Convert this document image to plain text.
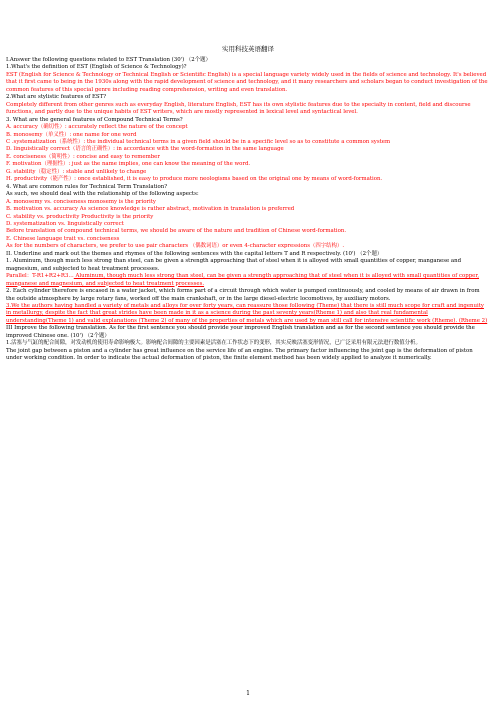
实用科技英语翻译

I.Answer the following questions related to EST Translation (30') （2个题）

1.What's the definition of EST (English of Science & Technology)?

EST (English for Science & Technology or Technical English or Scientific English) is a special language variety widely used in the fields of science and technology. It's believed that it first came to being in the 1930s along with the rapid development of science and technology, and it many researchers and scholars began to conduct investigation of the common features of this special genre including reading comprehension, writing and even translation.

2.What are stylistic features of EST?

Completely different from other genres such as everyday English, literature English, EST has its own stylistic features due to the specialty in content, field and discourse functions, and partly due to the unique habits of EST writers, which are mostly represented in lexical level and syntactical level.

3. What are the general features of Compound Technical Terms?

A. accuracy（确切性）: accurately reflect the nature of the concept

B. monosemy（单义性）: one name for one word

C .systematization（系统性）: the individual technical terms in a given field should be in a specific level so as to constitute a common system

D. linguistically correct（语言的正确性）: in accordance with the word-formation in the same language

E. conciseness（简明性）: concise and easy to remember

F. motivation（理据性）: just as the name implies, one can know the meaning of the word.

G. stability（稳定性）: stable and unlikely to change

H. productivity（能产性）: once established, it is easy to produce more neologisms based on the original one by means of word-formation.

4. What are common rules for Technical Term Translation?

As such, we should deal with the relationship of the following aspects:

A. monosemy vs. conciseness monosemy is the priority

B. motivation vs. accuracy As science knowledge is rather abstract, motivation in translation is preferred

C. stability vs. productivity Productivity is the priority

D. systematization vs. linguistically correct

Before translation of compound technical terms, we should be aware of the nature and tradition of Chinese word-formation.

E. Chinese language trait vs. conciseness

As for the numbers of characters, we prefer to use pair characters （偶数词语）or even 4-character expressions（四字结构）.

II. Underline and mark out the themes and rhymes of the following sentences with the capital letters T and R respectively. (10') （2个题）

1. Aluminum, though much less strong than steel, can be given a strength approaching that of steel when it is alloyed with small quantities of copper, manganese and magnesium, and subjected to heat treatment processes.

Parallel：T-R1+R2+R3… Aluminum, though much less strong than steel, can be given a strength approaching that of steel when it is alloyed with small quantities of copper, manganese and magnesium, and subjected to heat treatment processes.

2. Each cylinder therefore is encased in a water jacket, which forms part of a circuit through which water is pumped continuously, and cooled by means of air drawn in from the outside atmosphere by large rotary fans, worked off the main crankshaft, or in the large diesel-electric locomotives, by auxiliary motors.

3.We the authors having handled a variety of metals and alloys for over forty years, can reassure those following (Theme) that there is still much scope for craft and ingenuity in metallurgy, despite the fact that great strides have been made in it as a science during the past seventy years(Rheme 1) and also that real fundamental understanding(Theme 1) and valid explanations (Theme 2) of many of the properties of metals which are used by man still call for intensive scientific work (Rheme). (Rheme 2)

III Improve the following translation. As for the first sentence you should provide your improved English translation and as for the second sentence you should provide the improved Chinese one. (10') （2个题）

1.活塞与气缸的配合间隙，对发动机的使用寿命影响极大。影响配合间隙的主要因素是活塞在工作状态下的变形，其实反映活塞变形情况，已广泛采用有限元法进行数值分析。

The joint gap between a piston and a cylinder has great influence on the service life of an engine. The primary factor influencing the joint gap is the deformation of piston under working condition. In order to indicate the actual deformation of piston, the finite element method has been widely applied to analyze it numerically.

1
